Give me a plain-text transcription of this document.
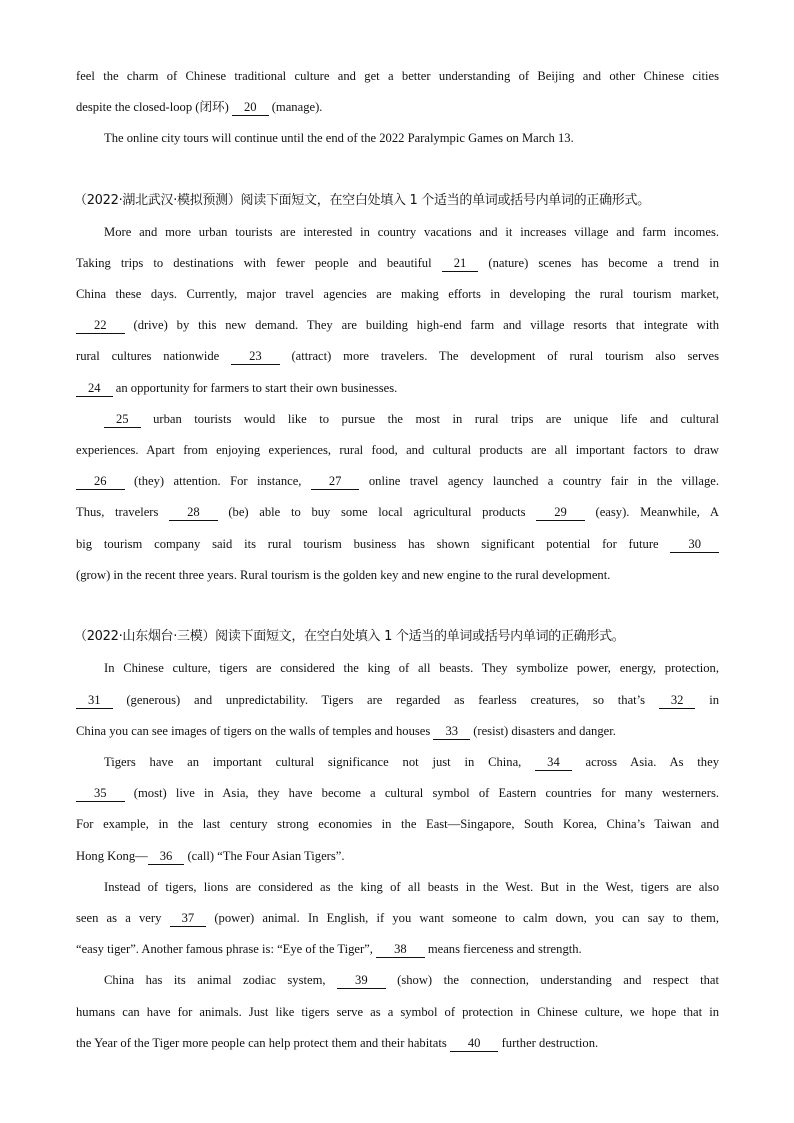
feel the charm of Chinese traditional culture and get a better understanding of Beijing and other Chinese cities
despite the closed-loop (闭环) 20 (manage).
The online city tours will continue until the end of the 2022 Paralympic Games on March 13.
（2022·湖北武汉·模拟预测）阅读下面短文，在空白处填入 1 个适当的单词或括号内单词的正确形式。
More and more urban tourists are interested in country vacations and it increases village and farm incomes.
Taking trips to destinations with fewer people and beautiful 21 (nature) scenes has become a trend in
China these days. Currently, major travel agencies are making efforts in developing the rural tourism market,
22 (drive) by this new demand. They are building high-end farm and village resorts that integrate with
rural cultures nationwide 23 (attract) more travelers. The development of rural tourism also serves
24 an opportunity for farmers to start their own businesses.
25 urban tourists would like to pursue the most in rural trips are unique life and cultural
experiences. Apart from enjoying experiences, rural food, and cultural products are all important factors to draw
26 (they) attention. For instance, 27 online travel agency launched a country fair in the village.
Thus, travelers 28 (be) able to buy some local agricultural products 29 (easy). Meanwhile, A
big tourism company said its rural tourism business has shown significant potential for future 30
(grow) in the recent three years. Rural tourism is the golden key and new engine to the rural development.
（2022·山东烟台·三模）阅读下面短文，在空白处填入 1 个适当的单词或括号内单词的正确形式。
In Chinese culture, tigers are considered the king of all beasts. They symbolize power, energy, protection,
31 (generous) and unpredictability. Tigers are regarded as fearless creatures, so that’s 32 in
China you can see images of tigers on the walls of temples and houses 33 (resist) disasters and danger.
Tigers have an important cultural significance not just in China, 34 across Asia. As they
35 (most) live in Asia, they have become a cultural symbol of Eastern countries for many westerners.
For example, in the last century strong economies in the East—Singapore, South Korea, China’s Taiwan and
Hong Kong— 36 (call) “The Four Asian Tigers”.
Instead of tigers, lions are considered as the king of all beasts in the West. But in the West, tigers are also
seen as a very 37 (power) animal. In English, if you want someone to calm down, you can say to them,
“easy tiger”. Another famous phrase is: “Eye of the Tiger”, 38 means fierceness and strength.
China has its animal zodiac system, 39 (show) the connection, understanding and respect that
humans can have for animals. Just like tigers serve as a symbol of protection in Chinese culture, we hope that in
the Year of the Tiger more people can help protect them and their habitats 40 further destruction.
